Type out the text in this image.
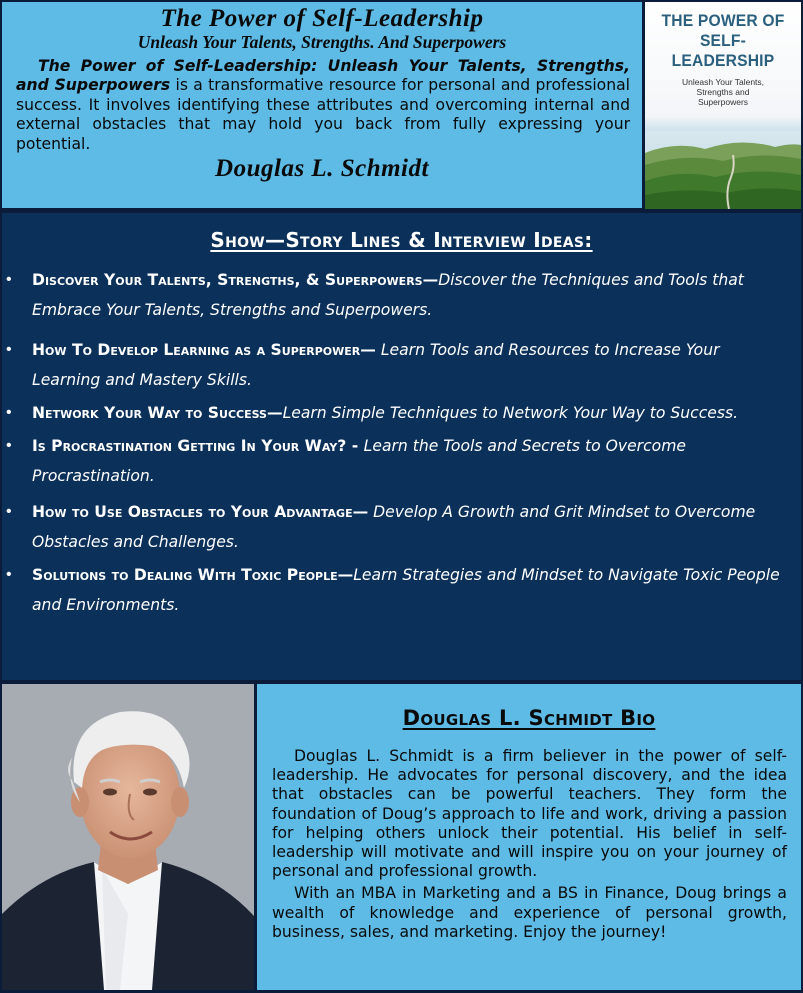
The Power of Self-Leadership
Unleash Your Talents, Strengths. And Superpowers

The Power of Self-Leadership: Unleash Your Talents, Strengths, and Superpowers is a transformative resource for personal and professional success. It involves identifying these attributes and overcoming internal and external obstacles that may hold you back from fully expressing your potential.

Douglas L. Schmidt
THE POWER OF
SELF-LEADERSHIP
Unleash Your Talents,
Strengths and
Superpowers
Show—Story Lines & Interview Ideas:
• Discover Your Talents, Strengths, & Superpowers—Discover the Techniques and Tools that Embrace Your Talents, Strengths and Superpowers.
• How To Develop Learning as a Superpower— Learn Tools and Resources to Increase Your Learning and Mastery Skills.
• Network Your Way to Success—Learn Simple Techniques to Network Your Way to Success.
• Is Procrastination Getting In Your Way? - Learn the Tools and Secrets to Overcome Procrastination.
• How to Use Obstacles to Your Advantage— Develop A Growth and Grit Mindset to Overcome Obstacles and Challenges.
• Solutions to Dealing With Toxic People—Learn Strategies and Mindset to Navigate Toxic People and Environments.
Douglas L. Schmidt Bio

Douglas L. Schmidt is a firm believer in the power of self-leadership. He advocates for personal discovery, and the idea that obstacles can be powerful teachers. They form the foundation of Doug’s approach to life and work, driving a passion for helping others unlock their potential. His belief in self-leadership will motivate and will inspire you on your journey of personal and professional growth.

With an MBA in Marketing and a BS in Finance, Doug brings a wealth of knowledge and experience of personal growth, business, sales, and marketing. Enjoy the journey!
